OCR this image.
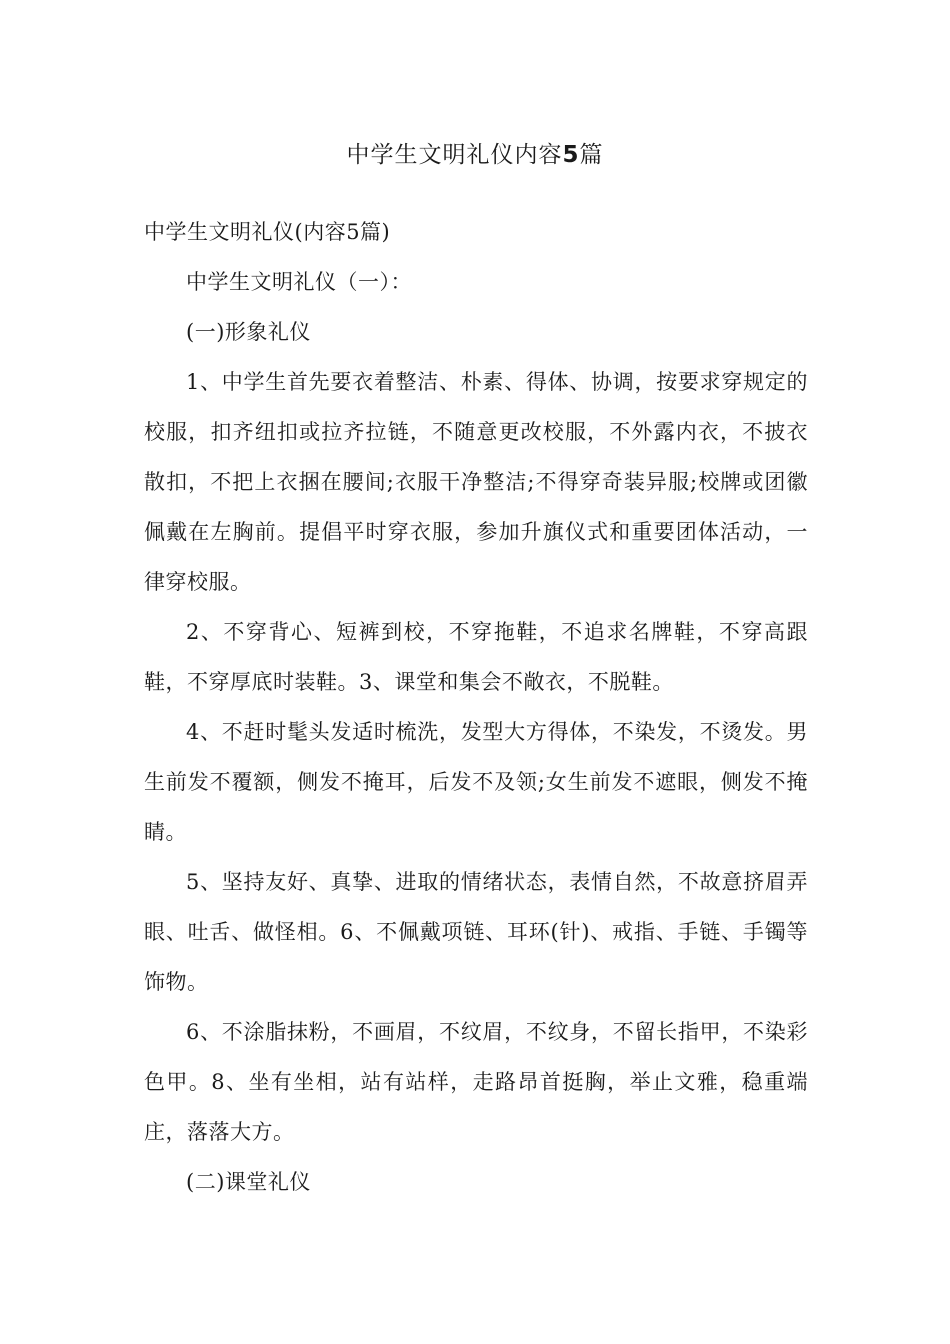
中学生文明礼仪内容5篇

中学生文明礼仪(内容5篇)

中学生文明礼仪（一）：

(一)形象礼仪

1、中学生首先要衣着整洁、朴素、得体、协调，按要求穿规定的校服，扣齐纽扣或拉齐拉链，不随意更改校服，不外露内衣，不披衣散扣，不把上衣捆在腰间;衣服干净整洁;不得穿奇装异服;校牌或团徽佩戴在左胸前。提倡平时穿衣服，参加升旗仪式和重要团体活动，一律穿校服。

2、不穿背心、短裤到校，不穿拖鞋，不追求名牌鞋，不穿高跟鞋，不穿厚底时装鞋。3、课堂和集会不敞衣，不脱鞋。

4、不赶时髦头发适时梳洗，发型大方得体，不染发，不烫发。男生前发不覆额，侧发不掩耳，后发不及领;女生前发不遮眼，侧发不掩睛。

5、坚持友好、真挚、进取的情绪状态，表情自然，不故意挤眉弄眼、吐舌、做怪相。6、不佩戴项链、耳环(针)、戒指、手链、手镯等饰物。

6、不涂脂抹粉，不画眉，不纹眉，不纹身，不留长指甲，不染彩色甲。8、坐有坐相，站有站样，走路昂首挺胸，举止文雅，稳重端庄，落落大方。

(二)课堂礼仪
